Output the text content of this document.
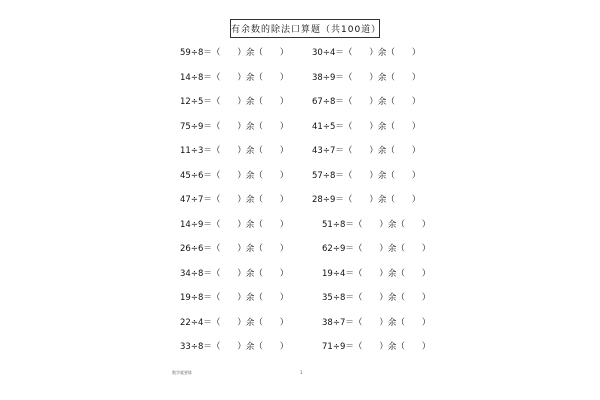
有余数的除法口算题（共100道）
59÷8＝ （　　）余（　　）
14÷8＝ （　　）余（　　）
12÷5＝ （　　）余（　　）
75÷9＝ （　　）余（　　）
11÷3＝ （　　）余（　　）
45÷6＝ （　　）余（　　）
47÷7＝ （　　）余（　　）
14÷9＝ （　　）余（　　）
26÷6＝ （　　）余（　　）
34÷8＝ （　　）余（　　）
19÷8＝ （　　）余（　　）
22÷4＝ （　　）余（　　）
33÷8＝ （　　）余（　　）
30÷4＝ （　　）余（　　）
38÷9＝ （　　）余（　　）
67÷8＝ （　　）余（　　）
41÷5＝ （　　）余（　　）
43÷7＝ （　　）余（　　）
57÷8＝ （　　）余（　　）
28÷9＝ （　　）余（　　）
51÷8＝ （　　）余（　　）
62÷9＝ （　　）余（　　）
19÷4＝ （　　）余（　　）
35÷8＝ （　　）余（　　）
38÷7＝ （　　）余（　　）
71÷9＝ （　　）余（　　）
数学就要练	1
